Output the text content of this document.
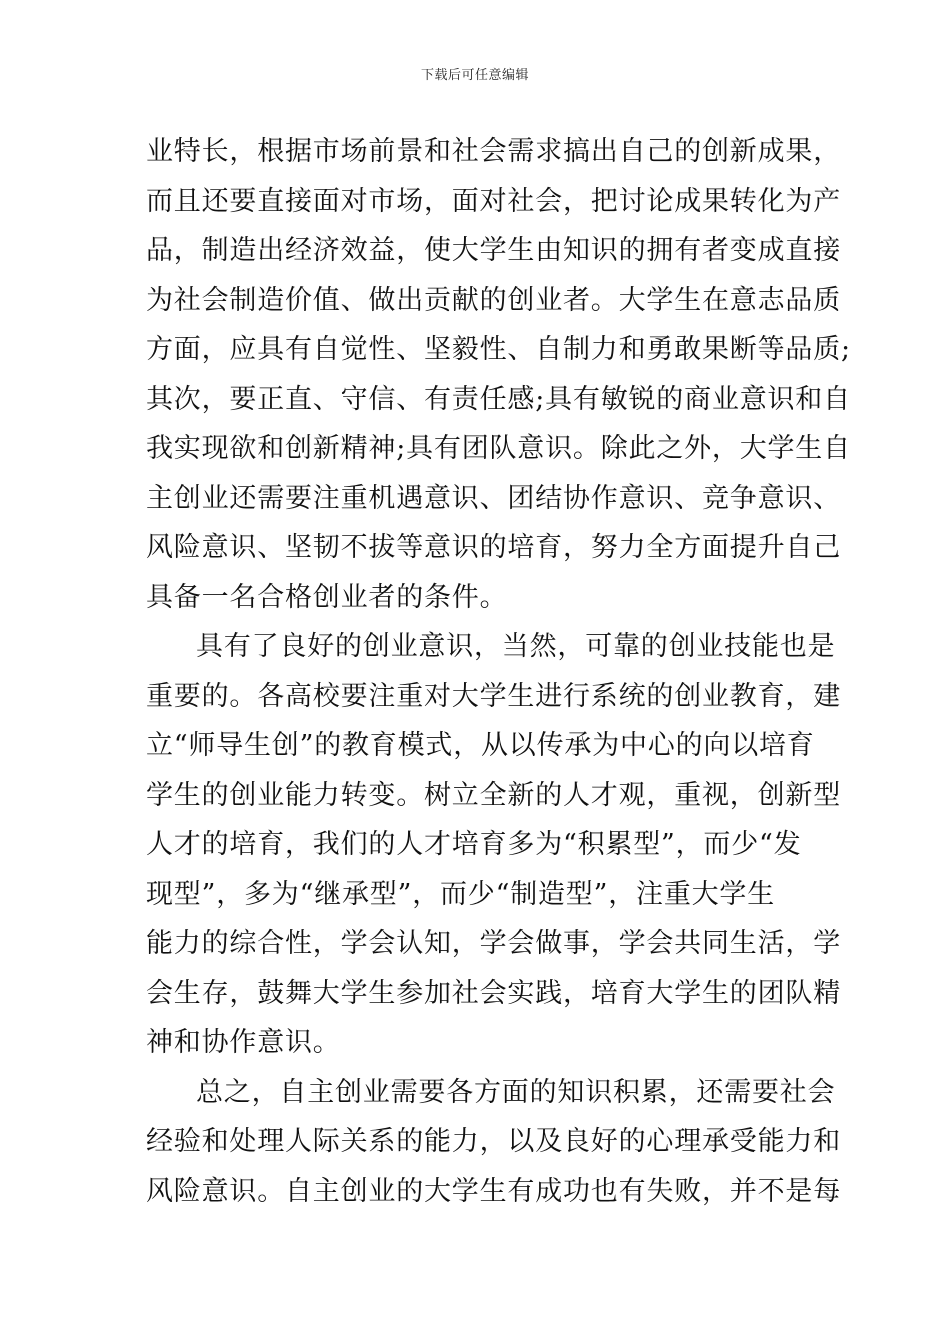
下载后可任意编辑
业特长，根据市场前景和社会需求搞出自己的创新成果，
而且还要直接面对市场，面对社会，把讨论成果转化为产
品，制造出经济效益，使大学生由知识的拥有者变成直接
为社会制造价值、做出贡献的创业者。大学生在意志品质
方面，应具有自觉性、坚毅性、自制力和勇敢果断等品质;
其次，要正直、守信、有责任感;具有敏锐的商业意识和自
我实现欲和创新精神;具有团队意识。除此之外，大学生自
主创业还需要注重机遇意识、团结协作意识、竞争意识、
风险意识、坚韧不拔等意识的培育，努力全方面提升自己
具备一名合格创业者的条件。
具有了良好的创业意识，当然，可靠的创业技能也是
重要的。各高校要注重对大学生进行系统的创业教育，建
立“师导生创”的教育模式，从以传承为中心的向以培育
学生的创业能力转变。树立全新的人才观，重视，创新型
人才的培育，我们的人才培育多为“积累型”，而少“发
现型”，多为“继承型”，而少“制造型”，注重大学生
能力的综合性，学会认知，学会做事，学会共同生活，学
会生存，鼓舞大学生参加社会实践，培育大学生的团队精
神和协作意识。
总之，自主创业需要各方面的知识积累，还需要社会
经验和处理人际关系的能力，以及良好的心理承受能力和
风险意识。自主创业的大学生有成功也有失败，并不是每
